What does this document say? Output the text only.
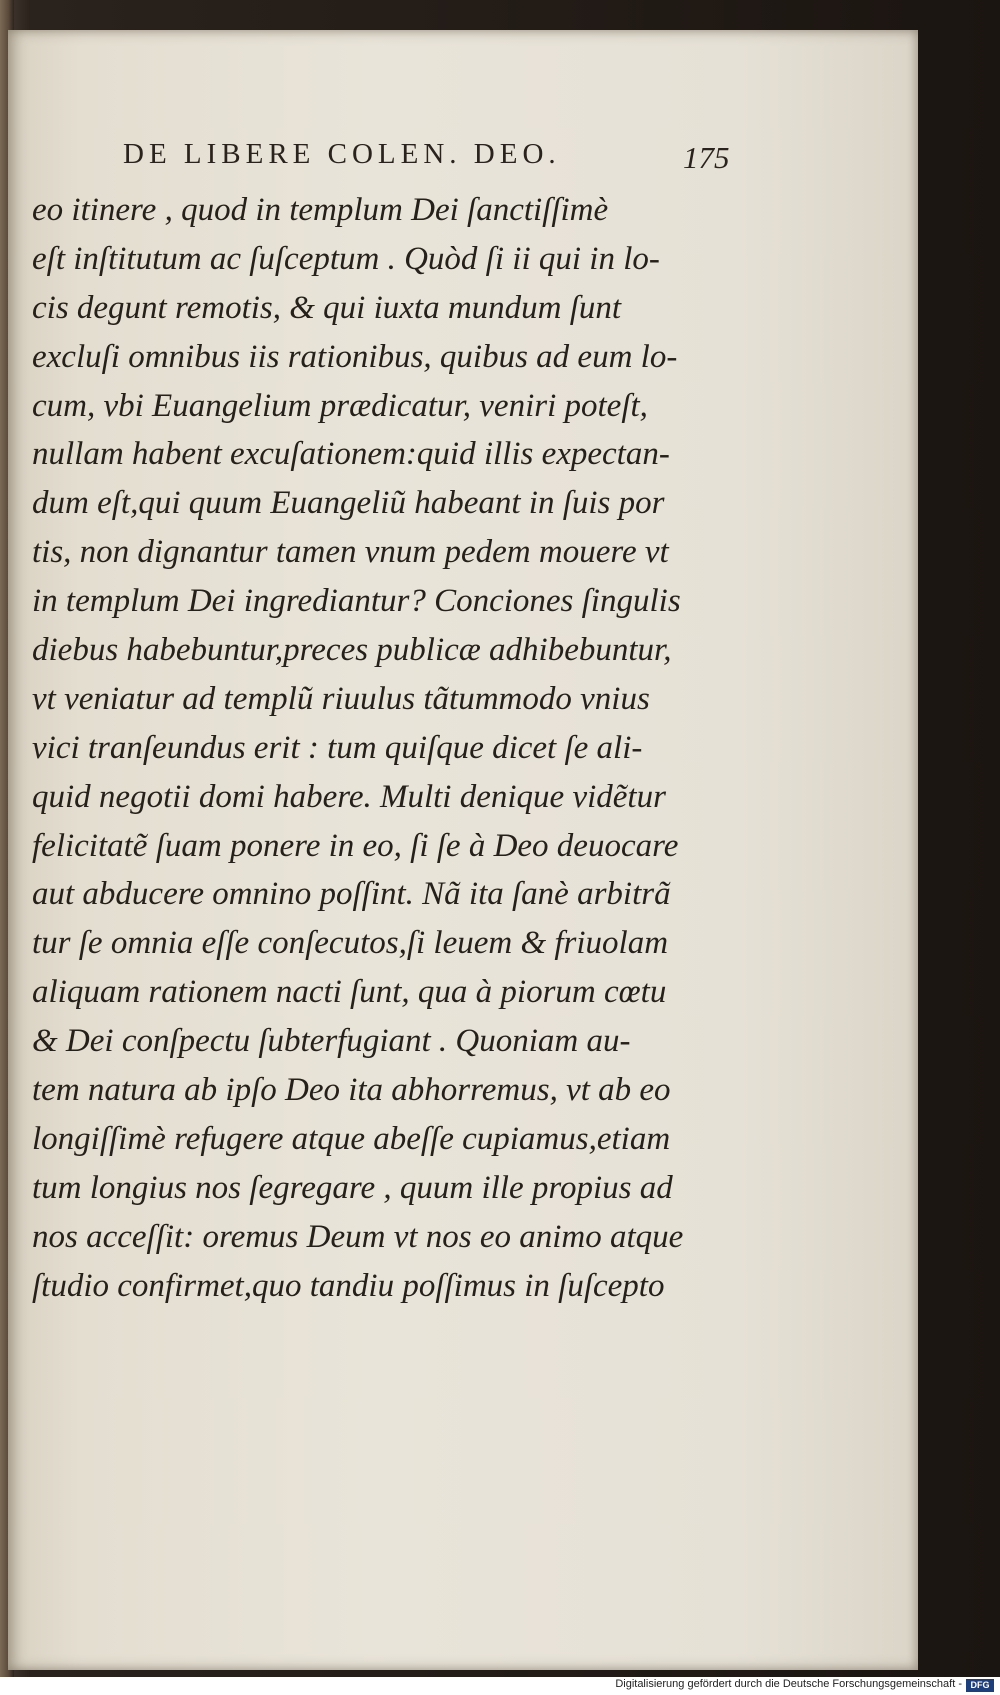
DE LIBERE COLEN. DEO.	175
eo itinere , quod in templum Dei ſanctiſſimè
eſt inſtitutum ac ſuſceptum . Quòd ſi ii qui in lo-
cis degunt remotis, & qui iuxta mundum ſunt
excluſi omnibus iis rationibus, quibus ad eum lo-
cum, vbi Euangelium prædicatur, veniri poteſt,
nullam habent excuſationem:quid illis expectan-
dum eſt,qui quum Euangeliũ habeant in ſuis por
tis, non dignantur tamen vnum pedem mouere vt
in templum Dei ingrediantur? Conciones ſingulis
diebus habebuntur,preces publicæ adhibebuntur,
vt veniatur ad templũ riuulus tãtummodo vnius
vici tranſeundus erit : tum quiſque dicet ſe ali-
quid negotii domi habere. Multi denique vidẽtur
felicitatẽ ſuam ponere in eo, ſi ſe à Deo deuocare
aut abducere omnino poſſint. Nã ita ſanè arbitrã
tur ſe omnia eſſe conſecutos,ſi leuem & friuolam
aliquam rationem nacti ſunt, qua à piorum cœtu
& Dei conſpectu ſubterfugiant . Quoniam au-
tem natura ab ipſo Deo ita abhorremus, vt ab eo
longiſſimè refugere atque abeſſe cupiamus,etiam
tum longius nos ſegregare , quum ille propius ad
nos acceſſit: oremus Deum vt nos eo animo atque
ſtudio confirmet,quo tandiu poſſimus in ſuſcepto
Digitalisierung gefördert durch die Deutsche Forschungsgemeinschaft - DFG
